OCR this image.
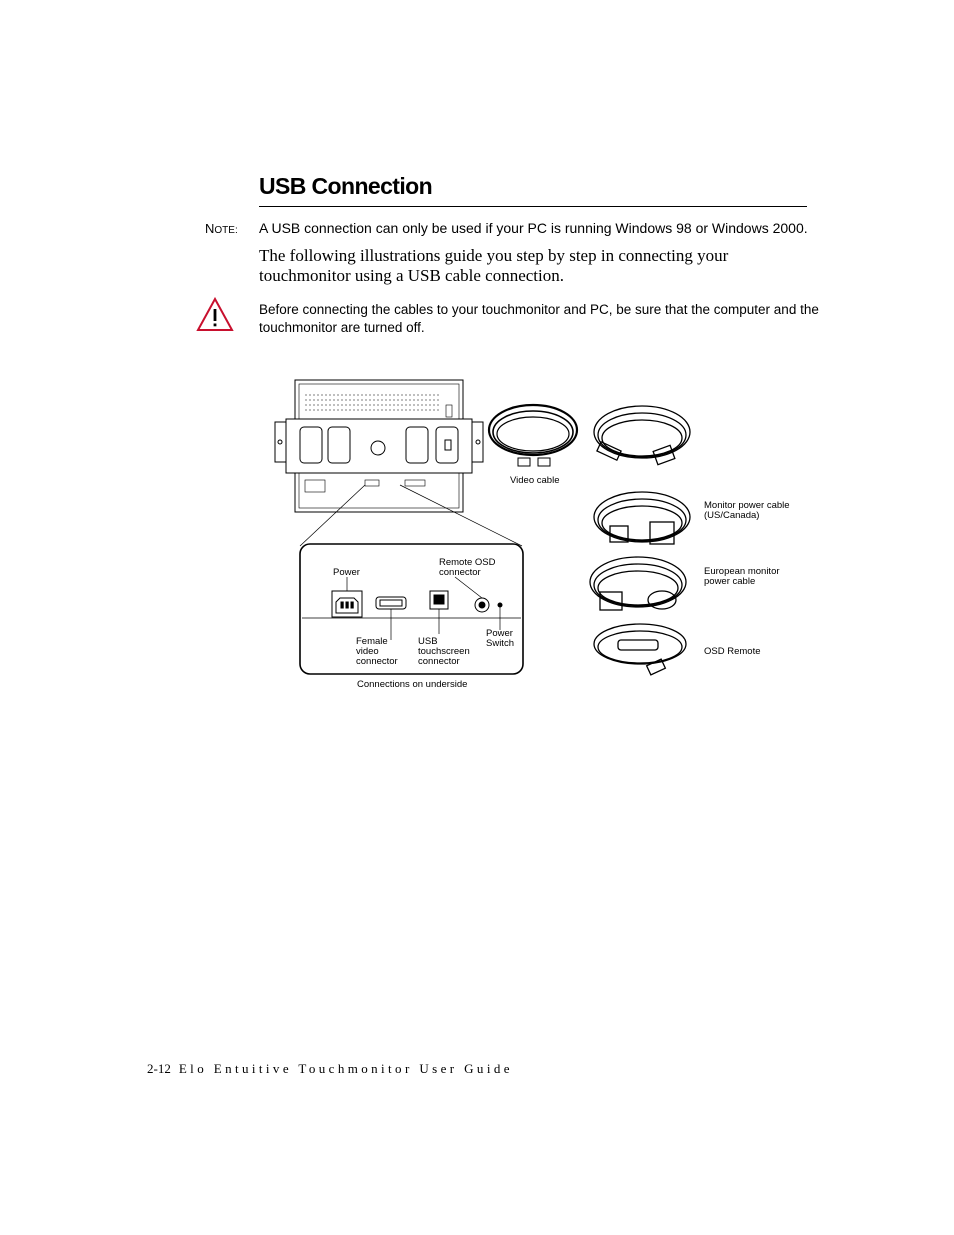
USB Connection
NOTE: A USB connection can only be used if your PC is running Windows 98 or Windows 2000.
The following illustrations guide you step by step in connecting your touchmonitor using a USB cable connection.
Before connecting the cables to your touchmonitor and PC, be sure that the computer and the touchmonitor are turned off.
Video cable
Monitor power cable
(US/Canada)
European monitor
power cable
OSD Remote
Power
Remote OSD
connector
Female
video
connector
USB
touchscreen
connector
Power
Switch
Connections on underside
2-12 Elo Entuitive Touchmonitor User Guide
